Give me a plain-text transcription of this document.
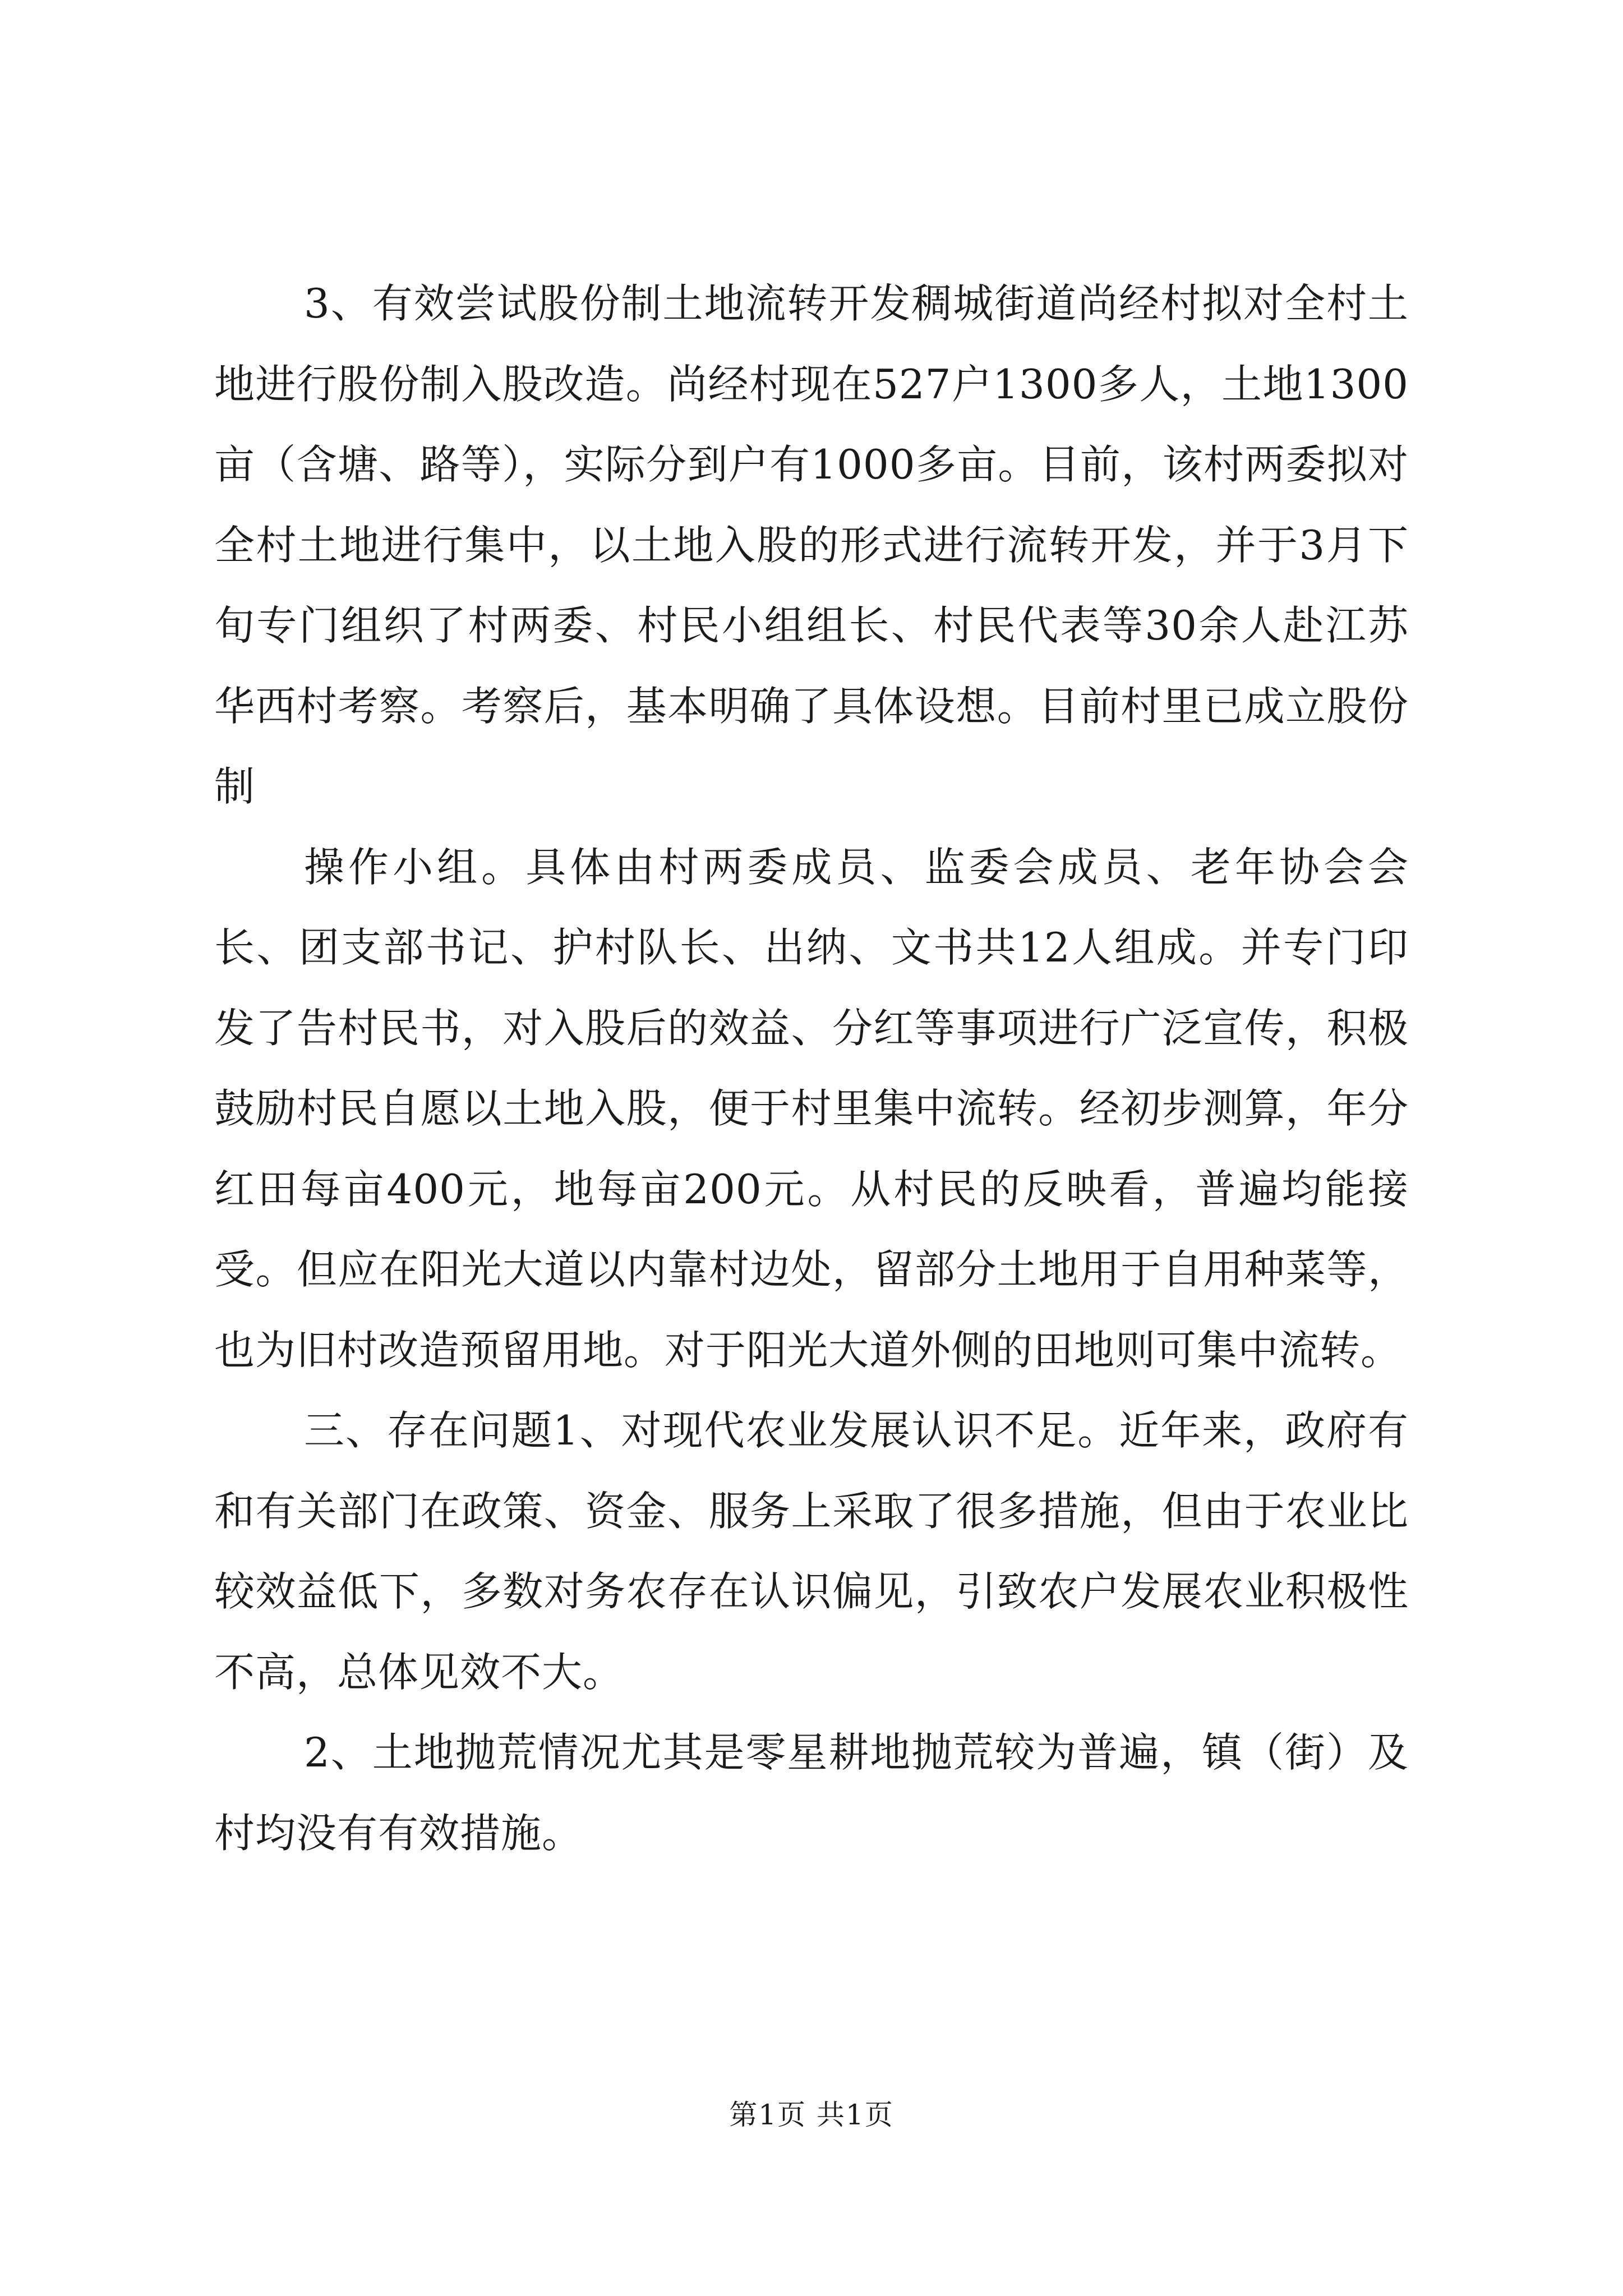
3、有效尝试股份制土地流转开发稠城街道尚经村拟对全村土地进行股份制入股改造。尚经村现在527户1300多人，土地1300亩（含塘、路等），实际分到户有1000多亩。目前，该村两委拟对全村土地进行集中，以土地入股的形式进行流转开发，并于3月下旬专门组织了村两委、村民小组组长、村民代表等30余人赴江苏华西村考察。考察后，基本明确了具体设想。目前村里已成立股份制

操作小组。具体由村两委成员、监委会成员、老年协会会长、团支部书记、护村队长、出纳、文书共12人组成。并专门印发了告村民书，对入股后的效益、分红等事项进行广泛宣传，积极鼓励村民自愿以土地入股，便于村里集中流转。经初步测算，年分红田每亩400元，地每亩200元。从村民的反映看，普遍均能接受。但应在阳光大道以内靠村边处，留部分土地用于自用种菜等，也为旧村改造预留用地。对于阳光大道外侧的田地则可集中流转。

三、存在问题1、对现代农业发展认识不足。近年来，政府有和有关部门在政策、资金、服务上采取了很多措施，但由于农业比较效益低下，多数对务农存在认识偏见，引致农户发展农业积极性不高，总体见效不大。

2、土地抛荒情况尤其是零星耕地抛荒较为普遍，镇（街）及村均没有有效措施。

第1页 共1页
